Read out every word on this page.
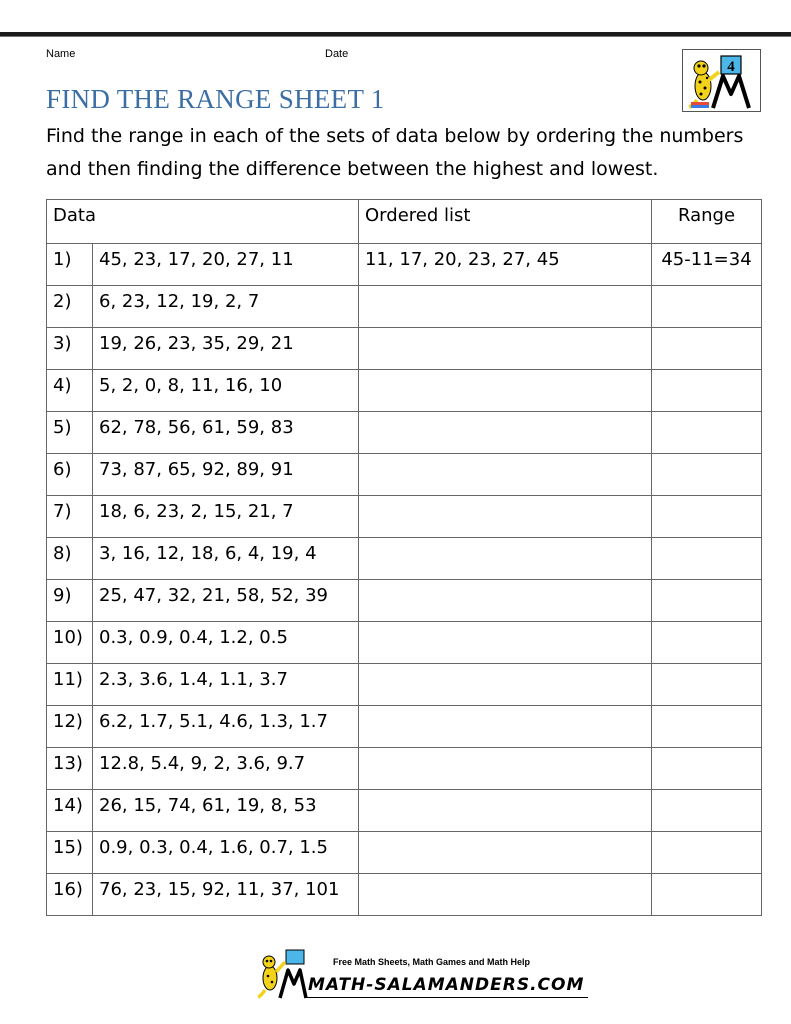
Name	Date
4
FIND THE RANGE SHEET 1

Find the range in each of the sets of data below by ordering the numbers and then finding the difference between the highest and lowest.

Data		Ordered list	Range
1)	45, 23, 17, 20, 27, 11	11, 17, 20, 23, 27, 45	45-11=34
2)	6, 23, 12, 19, 2, 7		
3)	19, 26, 23, 35, 29, 21		
4)	5, 2, 0, 8, 11, 16, 10		
5)	62, 78, 56, 61, 59, 83		
6)	73, 87, 65, 92, 89, 91		
7)	18, 6, 23, 2, 15, 21, 7		
8)	3, 16, 12, 18, 6, 4, 19, 4		
9)	25, 47, 32, 21, 58, 52, 39		
10)	0.3, 0.9, 0.4, 1.2, 0.5		
11)	2.3, 3.6, 1.4, 1.1, 3.7		
12)	6.2, 1.7, 5.1, 4.6, 1.3, 1.7		
13)	12.8, 5.4, 9, 2, 3.6, 9.7		
14)	26, 15, 74, 61, 19, 8, 53		
15)	0.9, 0.3, 0.4, 1.6, 0.7, 1.5		
16)	76, 23, 15, 92, 11, 37, 101		
Free Math Sheets, Math Games and Math Help
MATH-SALAMANDERS.COM
